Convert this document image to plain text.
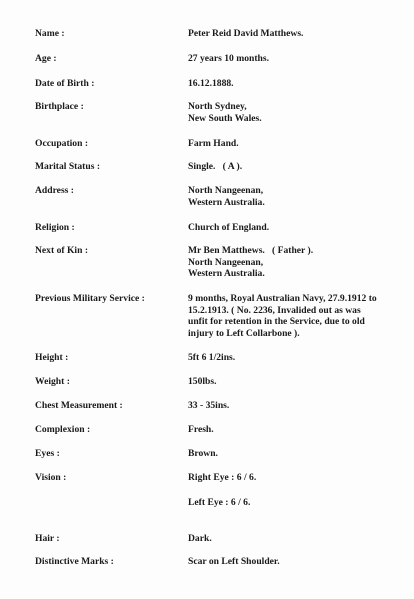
Name :	Peter Reid David Matthews.
Age :	27 years 10 months.
Date of Birth :	16.12.1888.
Birthplace :	North Sydney,
New South Wales.
Occupation :	Farm Hand.
Marital Status :	Single.   ( A ).
Address :	North Nangeenan,
Western Australia.
Religion :	Church of England.
Next of Kin :	Mr Ben Matthews.   ( Father ).
North Nangeenan,
Western Australia.
Previous Military Service :	9 months, Royal Australian Navy, 27.9.1912 to
15.2.1913. ( No. 2236, Invalided out as was
unfit for retention in the Service, due to old
injury to Left Collarbone ).
Height :	5ft 6 1/2ins.
Weight :	150lbs.
Chest Measurement :	33 - 35ins.
Complexion :	Fresh.
Eyes :	Brown.
Vision :	Right Eye : 6 / 6.
Left Eye : 6 / 6.
Hair :	Dark.
Distinctive Marks :	Scar on Left Shoulder.
